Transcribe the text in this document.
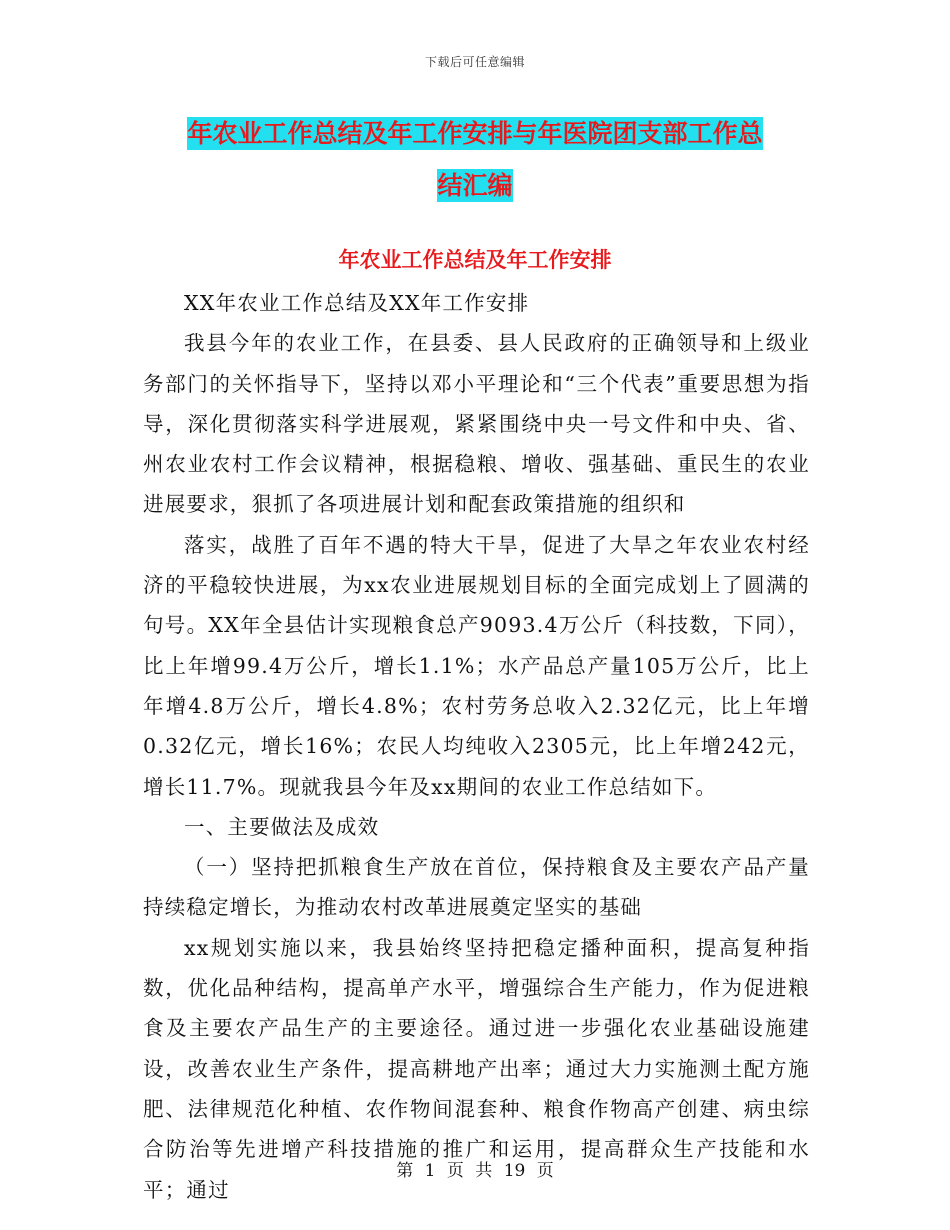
下载后可任意编辑
年农业工作总结及年工作安排与年医院团支部工作总
结汇编
年农业工作总结及年工作安排

XX年农业工作总结及XX年工作安排

我县今年的农业工作，在县委、县人民政府的正确领导和上级业务部门的关怀指导下，坚持以邓小平理论和“三个代表”重要思想为指导，深化贯彻落实科学进展观，紧紧围绕中央一号文件和中央、省、州农业农村工作会议精神，根据稳粮、增收、强基础、重民生的农业进展要求，狠抓了各项进展计划和配套政策措施的组织和

落实，战胜了百年不遇的特大干旱，促进了大旱之年农业农村经济的平稳较快进展，为xx农业进展规划目标的全面完成划上了圆满的句号。XX年全县估计实现粮食总产9093.4万公斤（科技数，下同），比上年增99.4万公斤，增长1.1%；水产品总产量105万公斤，比上年增4.8万公斤，增长4.8%；农村劳务总收入2.32亿元，比上年增0.32亿元，增长16%；农民人均纯收入2305元，比上年增242元，增长11.7%。现就我县今年及xx期间的农业工作总结如下。

一、主要做法及成效

（一）坚持把抓粮食生产放在首位，保持粮食及主要农产品产量持续稳定增长，为推动农村改革进展奠定坚实的基础

xx规划实施以来，我县始终坚持把稳定播种面积，提高复种指数，优化品种结构，提高单产水平，增强综合生产能力，作为促进粮食及主要农产品生产的主要途径。通过进一步强化农业基础设施建设，改善农业生产条件，提高耕地产出率；通过大力实施测土配方施肥、法律规范化种植、农作物间混套种、粮食作物高产创建、病虫综合防治等先进增产科技措施的推广和运用，提高群众生产技能和水平；通过

第 1 页 共 19 页
